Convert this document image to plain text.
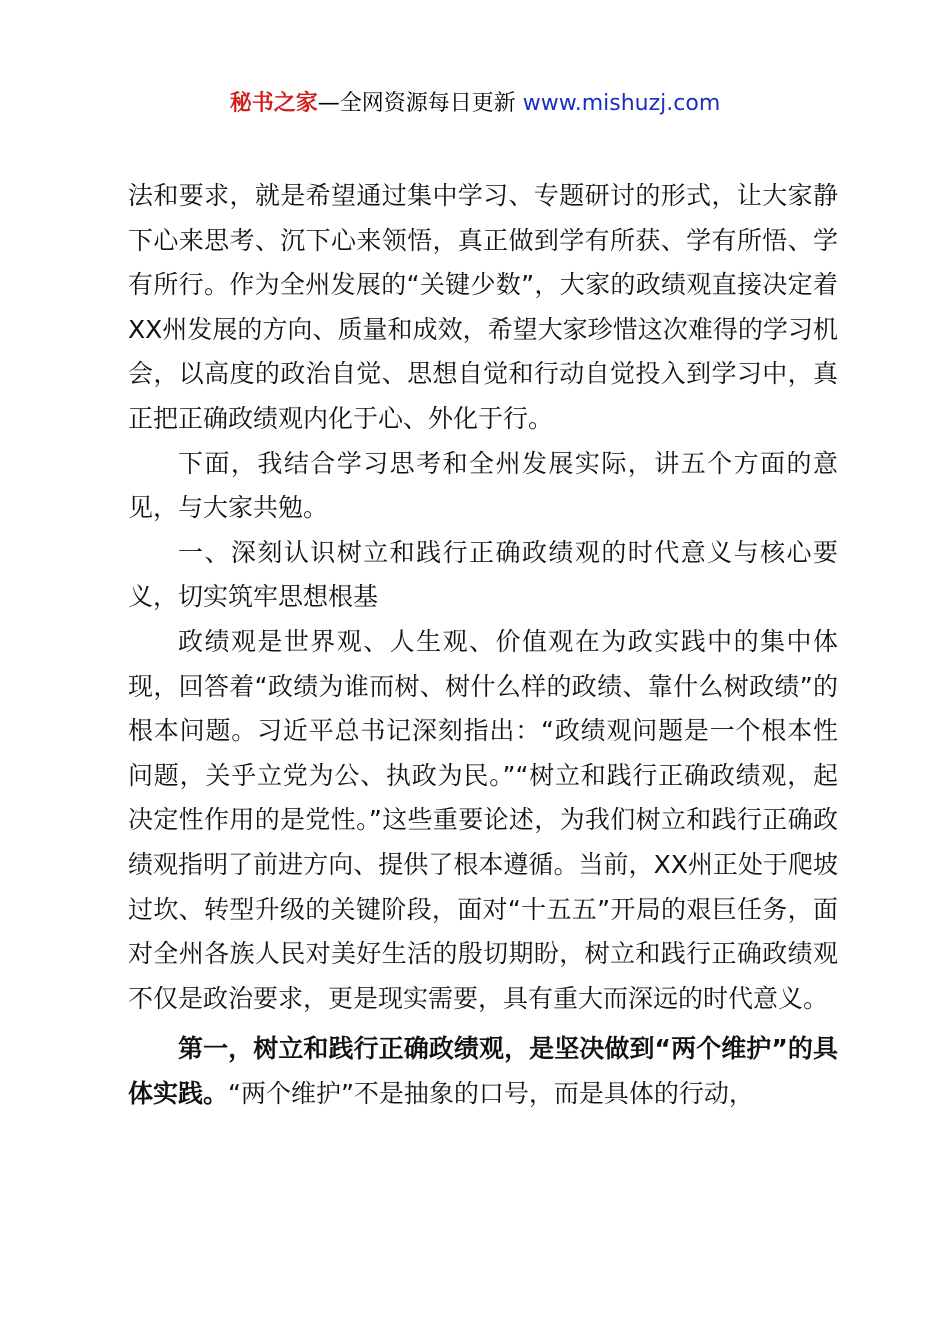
秘书之家—全网资源每日更新 www.mishuzj.com

法和要求，就是希望通过集中学习、专题研讨的形式，让大家静下心来思考、沉下心来领悟，真正做到学有所获、学有所悟、学有所行。作为全州发展的“关键少数”，大家的政绩观直接决定着XX州发展的方向、质量和成效，希望大家珍惜这次难得的学习机会，以高度的政治自觉、思想自觉和行动自觉投入到学习中，真正把正确政绩观内化于心、外化于行。

下面，我结合学习思考和全州发展实际，讲五个方面的意见，与大家共勉。

一、深刻认识树立和践行正确政绩观的时代意义与核心要义，切实筑牢思想根基

政绩观是世界观、人生观、价值观在为政实践中的集中体现，回答着“政绩为谁而树、树什么样的政绩、靠什么树政绩”的根本问题。习近平总书记深刻指出：“政绩观问题是一个根本性问题，关乎立党为公、执政为民。”“树立和践行正确政绩观，起决定性作用的是党性。”这些重要论述，为我们树立和践行正确政绩观指明了前进方向、提供了根本遵循。当前，XX州正处于爬坡过坎、转型升级的关键阶段，面对“十五五”开局的艰巨任务，面对全州各族人民对美好生活的殷切期盼，树立和践行正确政绩观不仅是政治要求，更是现实需要，具有重大而深远的时代意义。

第一，树立和践行正确政绩观，是坚决做到“两个维护”的具体实践。“两个维护”不是抽象的口号，而是具体的行动，
